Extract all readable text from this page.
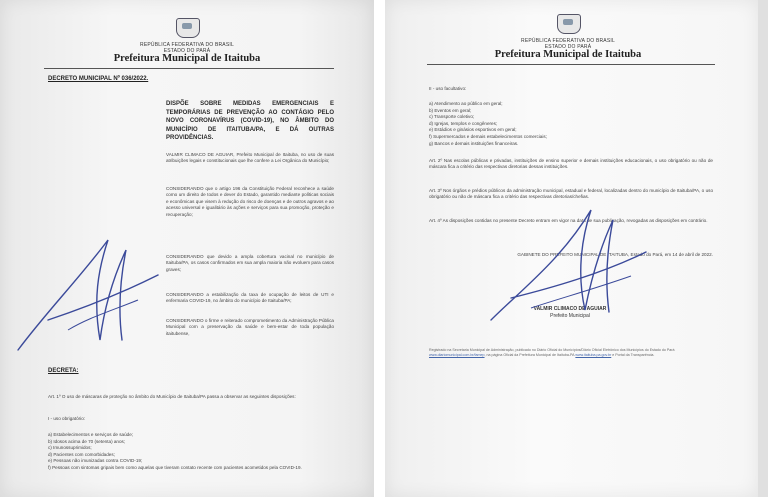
REPÚBLICA FEDERATIVA DO BRASIL
ESTADO DO PARÁ
Prefeitura Municipal de Itaituba
DECRETO MUNICIPAL Nº 036/2022.
DISPÕE SOBRE MEDIDAS EMERGENCIAIS E TEMPORÁRIAS DE PREVENÇÃO AO CONTÁGIO PELO NOVO CORONAVÍRUS (COVID-19), NO ÂMBITO DO MUNICÍPIO DE ITAITUBA/PA, E DÁ OUTRAS PROVIDÊNCIAS.
VALMIR CLIMACO DE AGUIAR, Prefeito Municipal de Itaituba, no uso de suas atribuições legais e constitucionais que lhe confere a Lei Orgânica do Município;
CONSIDERANDO que o artigo 196 da Constituição Federal reconhece a saúde como um direito de todos e dever do Estado, garantido mediante políticas sociais e econômicas que visem à redução do risco de doenças e de outros agravos e ao acesso universal e igualitário às ações e serviços para sua promoção, proteção e recuperação;
CONSIDERANDO que devido a ampla cobertura vacinal no município de Itaituba/PA, os casos confirmados em sua ampla maioria não evoluem para casos graves;
CONSIDERANDO a estabilização da taxa de ocupação de leitos de UTI e enfermaria COVID-19, no âmbito do município de Itaituba/PA;
CONSIDERANDO o firme e reiterado comprometimento da Administração Pública Municipal com a preservação da saúde e bem-estar de toda população itaitubense,
DECRETA:
Art. 1º O uso de máscaras de proteção no âmbito do Município de Itaituba/PA passa a observar as seguintes disposições:
I - uso obrigatório:
a) Estabelecimentos e serviços de saúde;
b) Idosos acima de 70 (setenta) anos;
c) Imunossuprimidos;
d) Pacientes com comorbidades;
e) Pessoas não imunizadas contra COVID-19;
f) Pessoas com sintomas gripais bem como aquelas que tiveram contato recente com pacientes acometidos pela COVID-19.
REPÚBLICA FEDERATIVA DO BRASIL
ESTADO DO PARÁ
Prefeitura Municipal de Itaituba
II - uso facultativo:
a) Atendimento ao público em geral;
b) Eventos em geral;
c) Transporte coletivo;
d) Igrejas, templos e congêneres;
e) Estádios e ginásios esportivos em geral;
f) Supermercados e demais estabelecimentos comerciais;
g) Bancos e demais instituições financeiras.
Art. 2º Nas escolas públicas e privadas, instituições de ensino superior e demais instituições educacionais, o uso obrigatório ou não de máscara fica a critério das respectivas diretorias dessas instituições.
Art. 3º Nos órgãos e prédios públicos da administração municipal, estadual e federal, localizadas dentro do município de Itaituba/PA, o uso obrigatório ou não de máscara fica a critério das respectivas diretorias/chefias.
Art. 4º As disposições contidas no presente Decreto entram em vigor na data de sua publicação, revogadas as disposições em contrário.
GABINETE DO PREFEITO MUNICIPAL DE ITAITUBA, Estado do Pará, em 14 de abril de 2022.
VALMIR CLIMACO DE AGUIAR
Prefeito Municipal
Registrado na Secretaria Municipal de Administração, publicado no Diário Oficial do Municípios/Diário Oficial Eletrônico dos Municípios do Estado do Pará www.diariomunicipal.com.br/famep, na página Oficial da Prefeitura Municipal de Itaituba-PA www.itaituba.pa.gov.br e Portal da Transparência.
